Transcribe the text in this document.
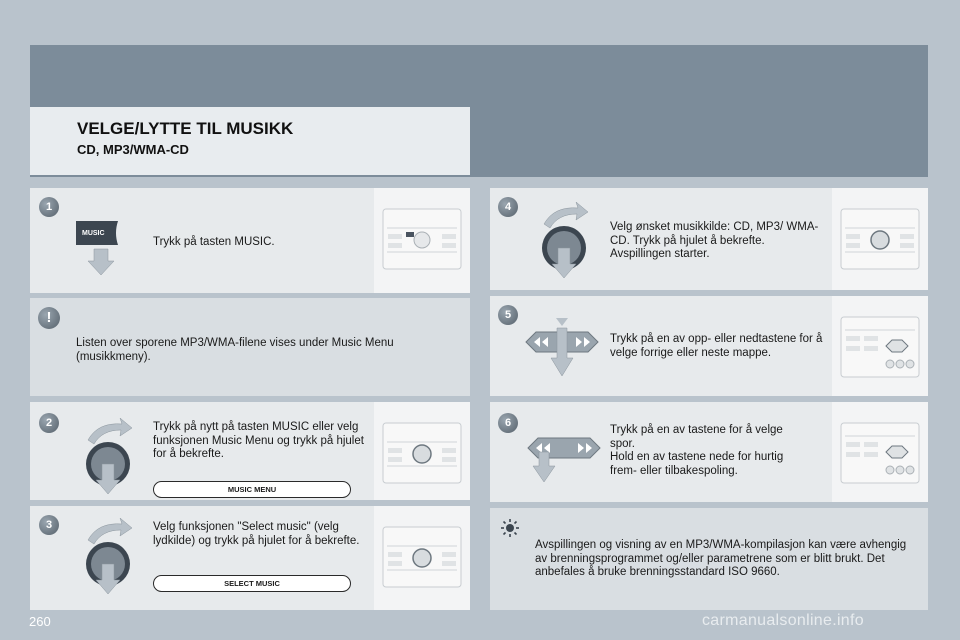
VELGE/LYTTE TIL MUSIKK
CD, MP3/WMA-CD
1
MUSIC
Trykk på tasten MUSIC.
!
Listen over sporene MP3/WMA-filene vises under Music Menu (musikkmeny).
2	Trykk på nytt på tasten MUSIC eller velg funksjonen Music Menu og trykk på hjulet for å bekrefte.
MUSIC MENU
3	Velg funksjonen "Select music" (velg lydkilde) og trykk på hjulet for å bekrefte.
SELECT MUSIC
4
Velg ønsket musikkilde: CD, MP3/ WMA-CD. Trykk på hjulet å bekrefte. Avspillingen starter.
5
Trykk på en av opp- eller nedtastene for å velge forrige eller neste mappe.
6
Trykk på en av tastene for å velge spor.
Hold en av tastene nede for hurtig frem- eller tilbakespoling.
Avspillingen og visning av en MP3/WMA-kompilasjon kan være avhengig av brenningsprogrammet og/eller parametrene som er blitt brukt. Det anbefales å bruke brenningsstandard ISO 9660.
260	carmanualsonline.info
